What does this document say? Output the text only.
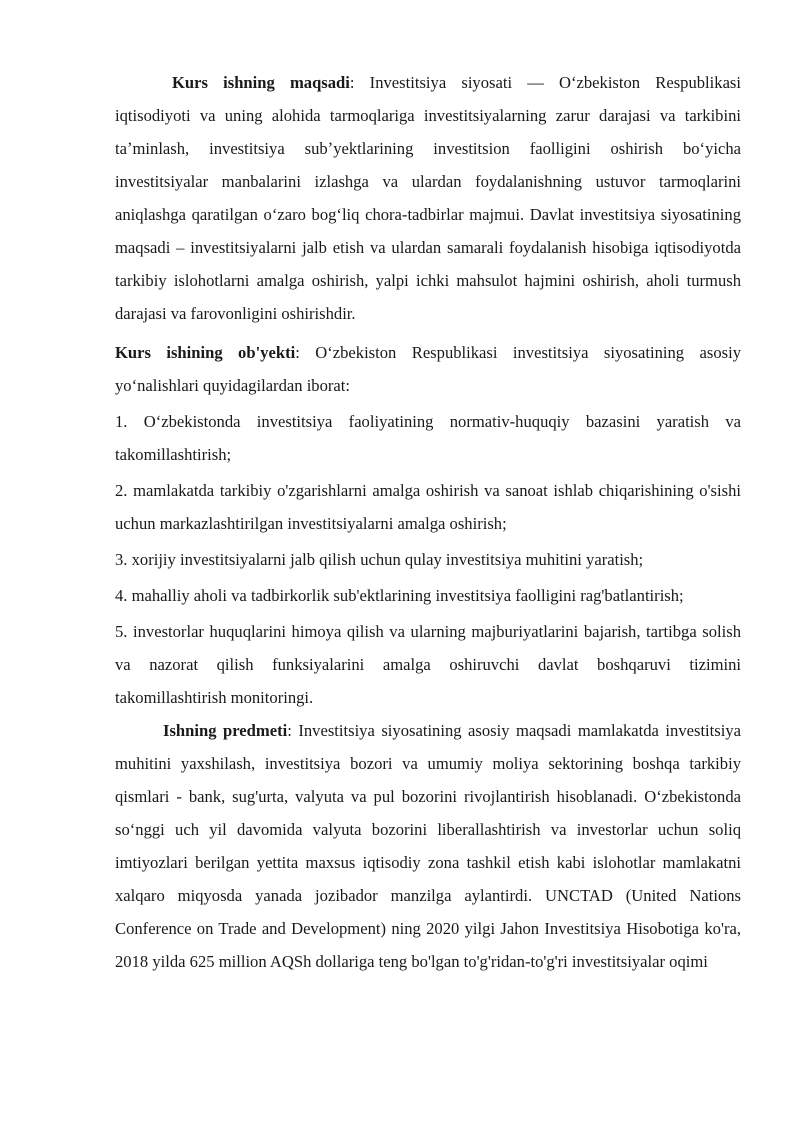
Kurs ishning maqsadi: Investitsiya siyosati — Oʻzbekiston Respublikasi iqtisodiyoti va uning alohida tarmoqlariga investitsiyalarning zarur darajasi va tarkibini taʼminlash, investitsiya subʼyektlarining investitsion faolligini oshirish boʻyicha investitsiyalar manbalarini izlashga va ulardan foydalanishning ustuvor tarmoqlarini aniqlashga qaratilgan oʻzaro bogʻliq chora-tadbirlar majmui. Davlat investitsiya siyosatining maqsadi – investitsiyalarni jalb etish va ulardan samarali foydalanish hisobiga iqtisodiyotda tarkibiy islohotlarni amalga oshirish, yalpi ichki mahsulot hajmini oshirish, aholi turmush darajasi va farovonligini oshirishdir.

Kurs ishining ob'yekti: Oʻzbekiston Respublikasi investitsiya siyosatining asosiy yoʻnalishlari quyidagilardan iborat:

1. Oʻzbekistonda investitsiya faoliyatining normativ-huquqiy bazasini yaratish va takomillashtirish;

2. mamlakatda tarkibiy o'zgarishlarni amalga oshirish va sanoat ishlab chiqarishining o'sishi uchun markazlashtirilgan investitsiyalarni amalga oshirish;

3. xorijiy investitsiyalarni jalb qilish uchun qulay investitsiya muhitini yaratish;

4. mahalliy aholi va tadbirkorlik sub'ektlarining investitsiya faolligini rag'batlantirish;

5. investorlar huquqlarini himoya qilish va ularning majburiyatlarini bajarish, tartibga solish va nazorat qilish funksiyalarini amalga oshiruvchi davlat boshqaruvi tizimini takomillashtirish monitoringi.

Ishning predmeti: Investitsiya siyosatining asosiy maqsadi mamlakatda investitsiya muhitini yaxshilash, investitsiya bozori va umumiy moliya sektorining boshqa tarkibiy qismlari - bank, sug'urta, valyuta va pul bozorini rivojlantirish hisoblanadi. Oʻzbekistonda soʻnggi uch yil davomida valyuta bozorini liberallashtirish va investorlar uchun soliq imtiyozlari berilgan yettita maxsus iqtisodiy zona tashkil etish kabi islohotlar mamlakatni xalqaro miqyosda yanada jozibador manzilga aylantirdi. UNCTAD (United Nations Conference on Trade and Development) ning 2020 yilgi Jahon Investitsiya Hisobotiga ko'ra, 2018 yilda 625 million AQSh dollariga teng bo'lgan to'g'ridan-to'g'ri investitsiyalar oqimi
